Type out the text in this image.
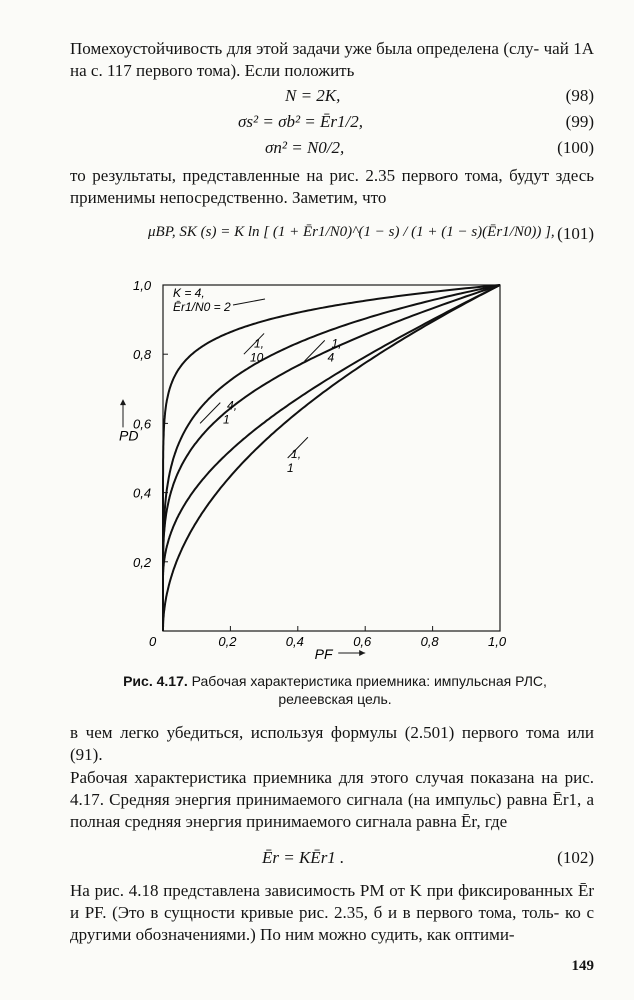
Помехоустойчивость для этой задачи уже была определена (слу- чай 1А на с. 117 первого тома). Если положить
N = 2K,	(98)
σs² = σb² = Ēr1/2,	(99)
σn² = N0/2,	(100)
то результаты, представленные на рис. 2.35 первого тома, будут здесь применимы непосредственно. Заметим, что
μBP, SK (s) = K ln [ (1 + Ēr1/N0)^(1 − s) / (1 + (1 − s)(Ēr1/N0)) ], (101)
0	0,2
0,2
0,4
0,4
0,6
0,6
0,8
0,8
1,0
1,0
PF
PD
1,
1
4,
1
1,
4
1,
10
K = 4,
Ēr1/N0 = 2
Рис. 4.17. Рабочая характеристика приемника: импульсная РЛС, релеевская цель.
в чем легко убедиться, используя формулы (2.501) первого тома или (91).
Рабочая характеристика приемника для этого случая показана на рис. 4.17. Средняя энергия принимаемого сигнала (на импульс) равна Ēr1, а полная средняя энергия принимаемого сигнала равна Ēr, где
Ēr = KĒr1 .	(102)
На рис. 4.18 представлена зависимость PM от K при фиксированных Ēr и PF. (Это в сущности кривые рис. 2.35, б и в первого тома, толь- ко с другими обозначениями.) По ним можно судить, как оптими-
149
